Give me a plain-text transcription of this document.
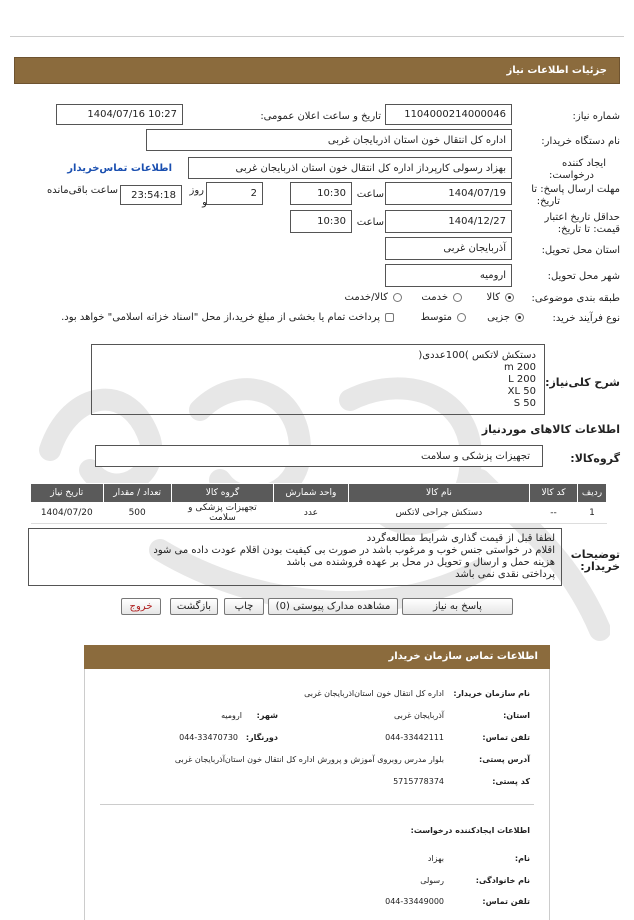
جزئیات اطلاعات نیاز
شماره نیاز:
1104000214000046
تاریخ و ساعت اعلان عمومی:
1404/07/16 10:27
نام دستگاه خریدار:
اداره کل انتقال خون استان اذربایجان غربی
ایجاد کننده
درخواست:
بهزاد رسولی کارپرداز اداره کل انتقال خون استان اذربایجان غربی
اطلاعات تماس‌خریدار
مهلت ارسال پاسخ: تا
تاریخ:
1404/07/19
ساعت
10:30
2
روز
و
23:54:18
ساعت باقی‌مانده
حداقل تاریخ اعتبار
قیمت: تا تاریخ:
1404/12/27
ساعت
10:30
استان محل تحویل:
آذربایجان غربی
شهر محل تحویل:
ارومیه
طبقه بندی موضوعی:
کالا
خدمت
کالا/خدمت
نوع فرآیند خرید:
جزیی
متوسط
پرداخت تمام یا بخشی از مبلغ خرید،از محل "اسناد خزانه اسلامی" خواهد بود.
شرح کلی‌نیاز:
دستکش لاتکس )100عددی(
m 200
L 200
XL 50
S 50
اطلاعات کالاهای موردنیاز
گروه‌کالا:
تجهیزات پزشکی و سلامت
ردیف	کد کالا	نام کالا	واحد شمارش	گروه کالا	تعداد / مقدار	تاریخ نیاز
1	--	دستکش جراحی لاتکس	عدد	تجهیزات پزشکی و سلامت	500	1404/07/20
توضیحات
خریدار:
لطفا قبل از قیمت گذاری شرایط مطالعه‌گردد
اقلام در خواستی جنس خوب و مرغوب باشد در صورت بی کیفیت بودن اقلام عودت داده می شود
هزینه حمل و ارسال و تحویل در محل بر عهده فروشنده می باشد
پرداختی نقدی نمی باشد
پاسخ به نیاز
مشاهده مدارک پیوستی (0)
چاپ
بازگشت
خروج
اطلاعات تماس سازمان خریدار
نام سازمان خریدار:
اداره کل انتقال خون استان‌اذربایجان غربی
استان:
آذربایجان غربی
شهر:
ارومیه
تلفن تماس:
044-33442111
دورنگار:
044-33470730
آدرس پستی:
بلوار مدرس روبروی آموزش و پرورش اداره کل انتقال خون استان‌آذربایجان غربی
کد پستی:
5715778374
اطلاعات ایجادکننده درخواست:
نام:
بهزاد
نام خانوادگی:
رسولی
تلفن تماس:
044-33449000
